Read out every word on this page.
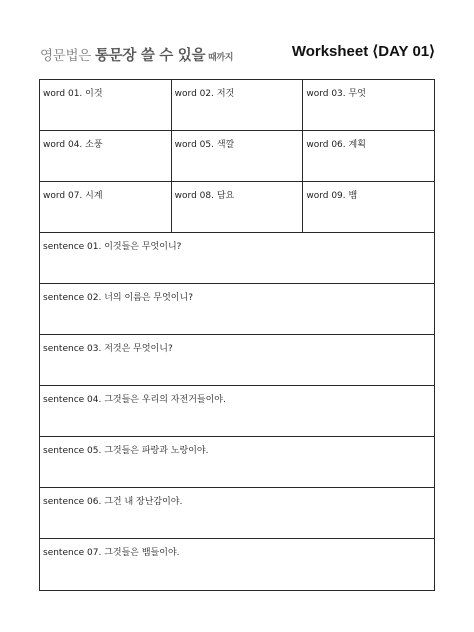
영문법은 통문장 쓸 수 있을 때까지	Worksheet ⟨DAY 01⟩
word 01. 이것	word 02. 저것	word 03. 무엇
word 04. 소풍	word 05. 색깔	word 06. 계획
word 07. 시계	word 08. 담요	word 09. 뱀
sentence 01. 이것들은 무엇이니?
sentence 02. 너의 이름은 무엇이니?
sentence 03. 저것은 무엇이니?
sentence 04. 그것들은 우리의 자전거들이야.
sentence 05. 그것들은 파랑과 노랑이야.
sentence 06. 그건 내 장난감이야.
sentence 07. 그것들은 뱀들이야.
